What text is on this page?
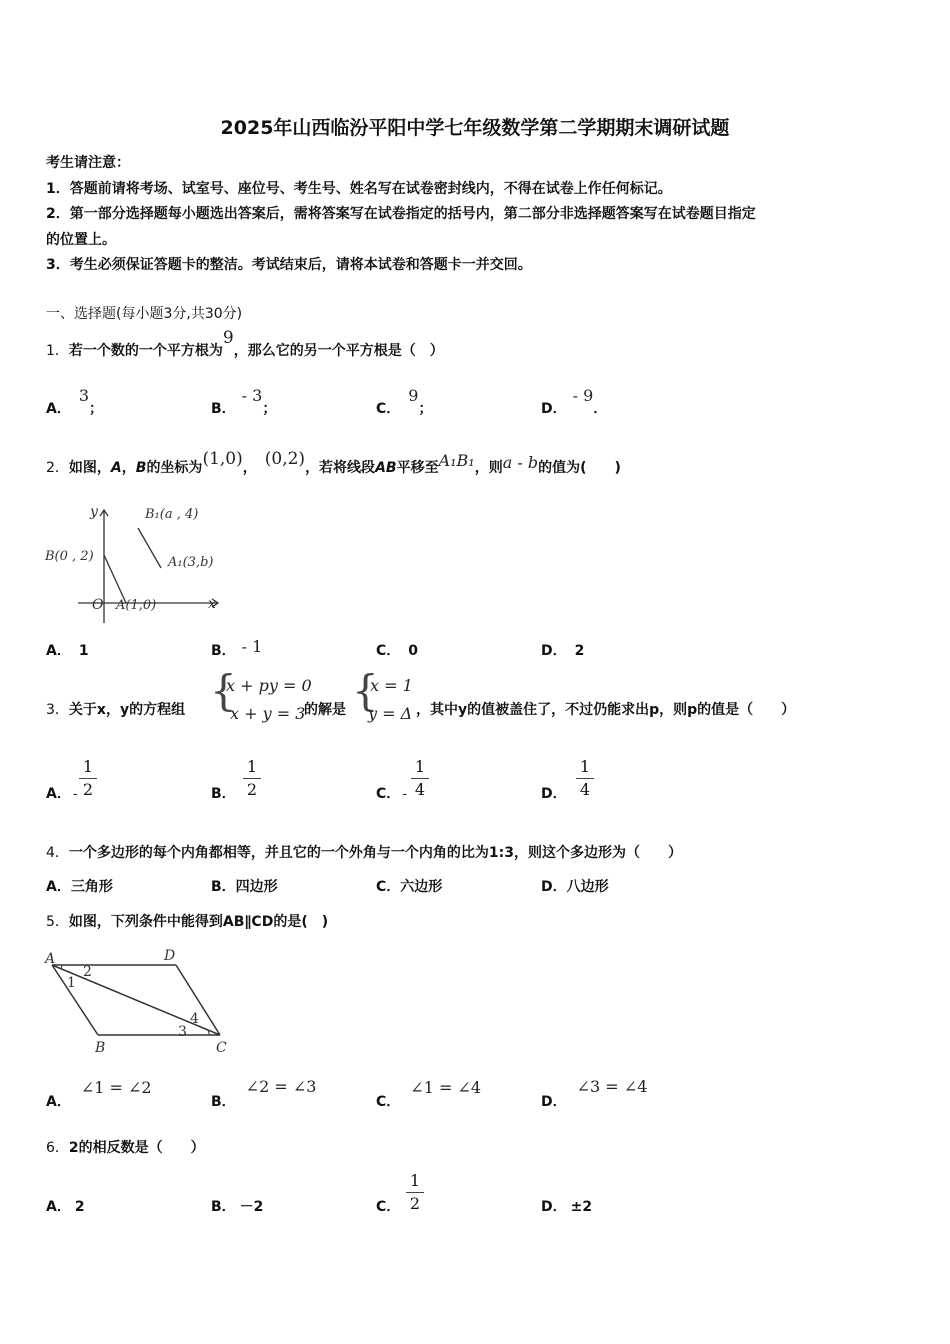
2025年山西临汾平阳中学七年级数学第二学期期末调研试题
考生请注意：
1．答题前请将考场、试室号、座位号、考生号、姓名写在试卷密封线内，不得在试卷上作任何标记。
2．第一部分选择题每小题选出答案后，需将答案写在试卷指定的括号内，第二部分非选择题答案写在试卷题目指定
的位置上。
3．考生必须保证答题卡的整洁。考试结束后，请将本试卷和答题卡一并交回。
一、选择题(每小题3分,共30分)
1．若一个数的一个平方根为9，那么它的另一个平方根是（　）
A．3；	B．- 3；	C．9；	D．- 9．
2．如图，A，B的坐标为(1,0)， (0,2)，若将线段AB平移至A₁B₁，则a - b的值为(　　)
y
x
O
B(0 , 2)
A(1,0)
B₁(a , 4)
A₁(3,b)
A． 1	B． - 1	C． 0	D． 2
3．关于x，y的方程组 {
x + py = 0
x + y = 3
的解是 {
x = 1
y = Δ ，其中y的值被盖住了，不过仍能求出p，则p的值是（　　）
A． -
1
2	B．
1
2	C． -
1
4	D．
1
4
4．一个多边形的每个内角都相等，并且它的一个外角与一个内角的比为1:3，则这个多边形为（　　）
A．三角形	B．四边形	C．六边形	D．八边形
5．如图，下列条件中能得到AB∥CD的是(　)
A	D
B	C
1
2
3
4
A．∠1 = ∠2
B．∠2 = ∠3
C．∠1 = ∠4
D．∠3 = ∠4
6．2的相反数是（　　）
A． 2	B． －2	C．
1
2	D． ±2
